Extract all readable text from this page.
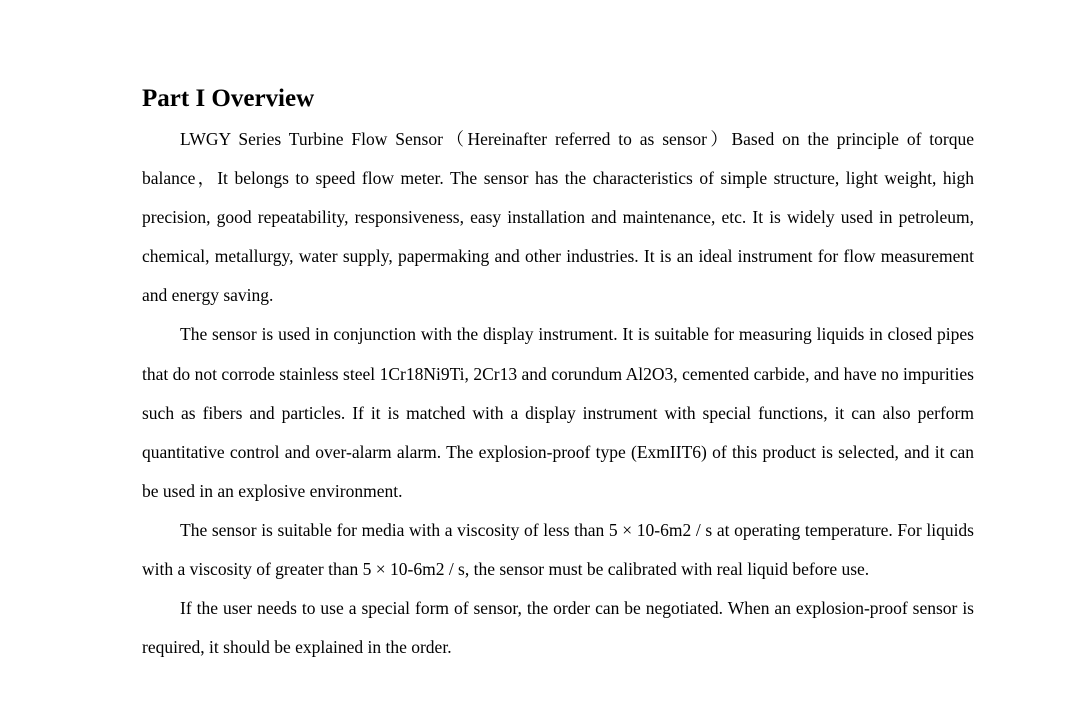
Part I Overview

LWGY Series Turbine Flow Sensor（Hereinafter referred to as sensor）Based on the principle of torque balance，It belongs to speed flow meter. The sensor has the characteristics of simple structure, light weight, high precision, good repeatability, responsiveness, easy installation and maintenance, etc. It is widely used in petroleum, chemical, metallurgy, water supply, papermaking and other industries. It is an ideal instrument for flow measurement and energy saving.

The sensor is used in conjunction with the display instrument. It is suitable for measuring liquids in closed pipes that do not corrode stainless steel 1Cr18Ni9Ti, 2Cr13 and corundum Al2O3, cemented carbide, and have no impurities such as fibers and particles. If it is matched with a display instrument with special functions, it can also perform quantitative control and over-alarm alarm. The explosion-proof type (ExmIIT6) of this product is selected, and it can be used in an explosive environment.

The sensor is suitable for media with a viscosity of less than 5 × 10-6m2 / s at operating temperature. For liquids with a viscosity of greater than 5 × 10-6m2 / s, the sensor must be calibrated with real liquid before use.

If the user needs to use a special form of sensor, the order can be negotiated. When an explosion-proof sensor is required, it should be explained in the order.
